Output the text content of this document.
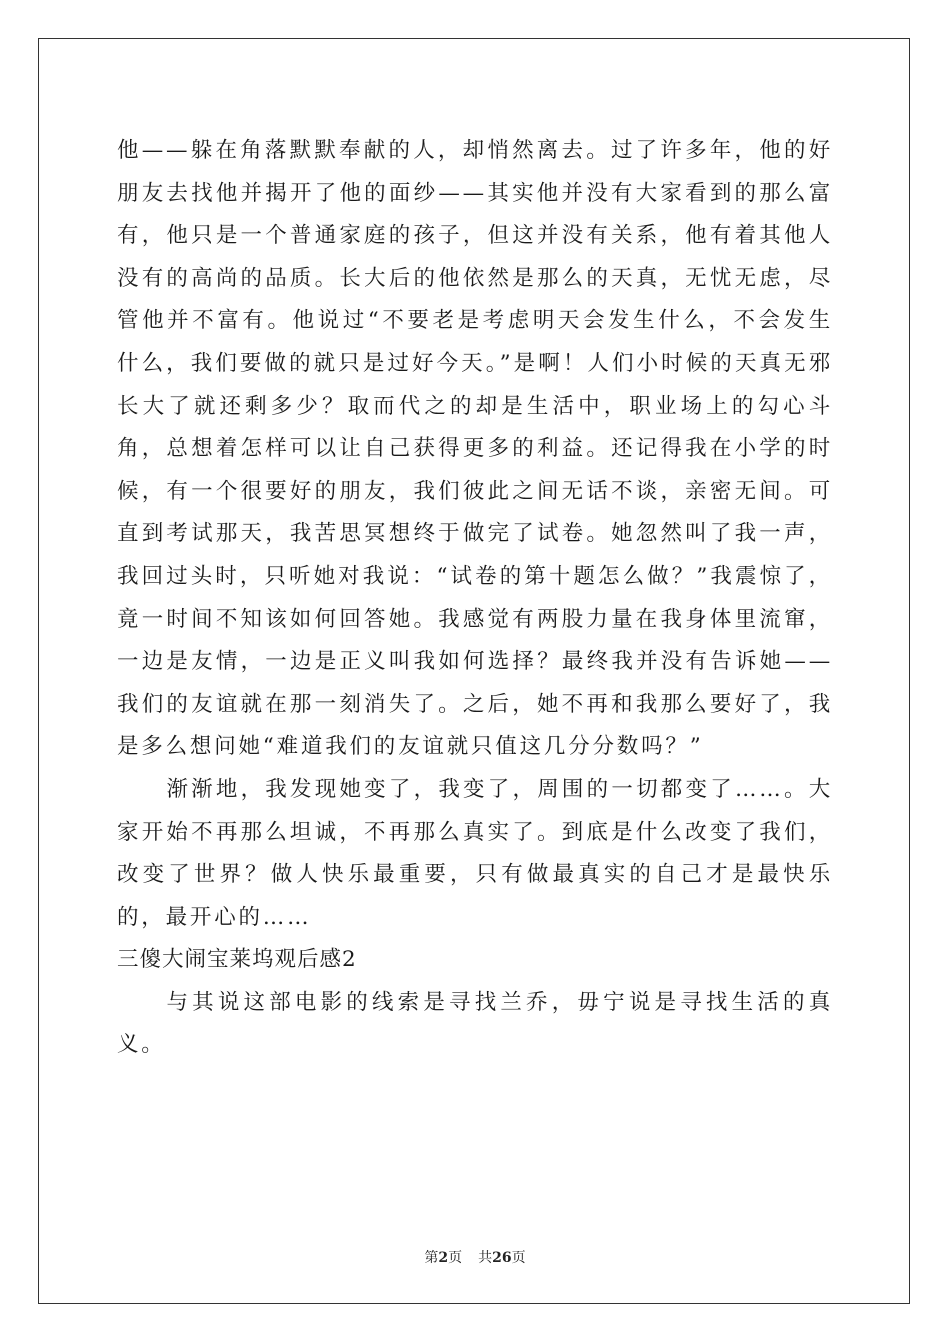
他——躲在角落默默奉献的人，却悄然离去。过了许多年，他的好朋友去找他并揭开了他的面纱——其实他并没有大家看到的那么富有，他只是一个普通家庭的孩子，但这并没有关系，他有着其他人没有的高尚的品质。长大后的他依然是那么的天真，无忧无虑，尽管他并不富有。他说过“不要老是考虑明天会发生什么，不会发生什么，我们要做的就只是过好今天。”是啊！人们小时候的天真无邪长大了就还剩多少？取而代之的却是生活中，职业场上的勾心斗角，总想着怎样可以让自己获得更多的利益。还记得我在小学的时候，有一个很要好的朋友，我们彼此之间无话不谈，亲密无间。可直到考试那天，我苦思冥想终于做完了试卷。她忽然叫了我一声，我回过头时，只听她对我说：“试卷的第十题怎么做？”我震惊了，竟一时间不知该如何回答她。我感觉有两股力量在我身体里流窜，一边是友情，一边是正义叫我如何选择？最终我并没有告诉她——我们的友谊就在那一刻消失了。之后，她不再和我那么要好了，我是多么想问她“难道我们的友谊就只值这几分分数吗？”

渐渐地，我发现她变了，我变了，周围的一切都变了……。大家开始不再那么坦诚，不再那么真实了。到底是什么改变了我们，改变了世界？做人快乐最重要，只有做最真实的自己才是最快乐的，最开心的……

三傻大闹宝莱坞观后感2

与其说这部电影的线索是寻找兰乔，毋宁说是寻找生活的真义。

第2页 共26页
